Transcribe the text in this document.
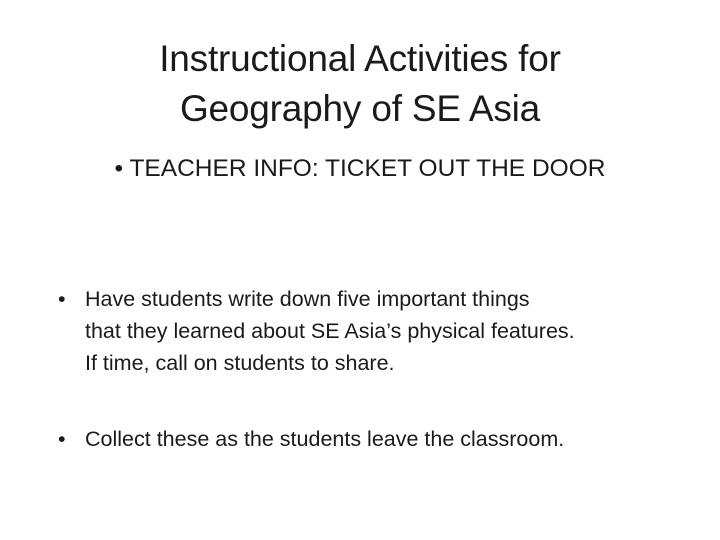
Instructional Activities for
Geography of SE Asia
• TEACHER INFO: TICKET OUT THE DOOR
• Have students write down five important things
that they learned about SE Asia’s physical features.
If time, call on students to share.
• Collect these as the students leave the classroom.
